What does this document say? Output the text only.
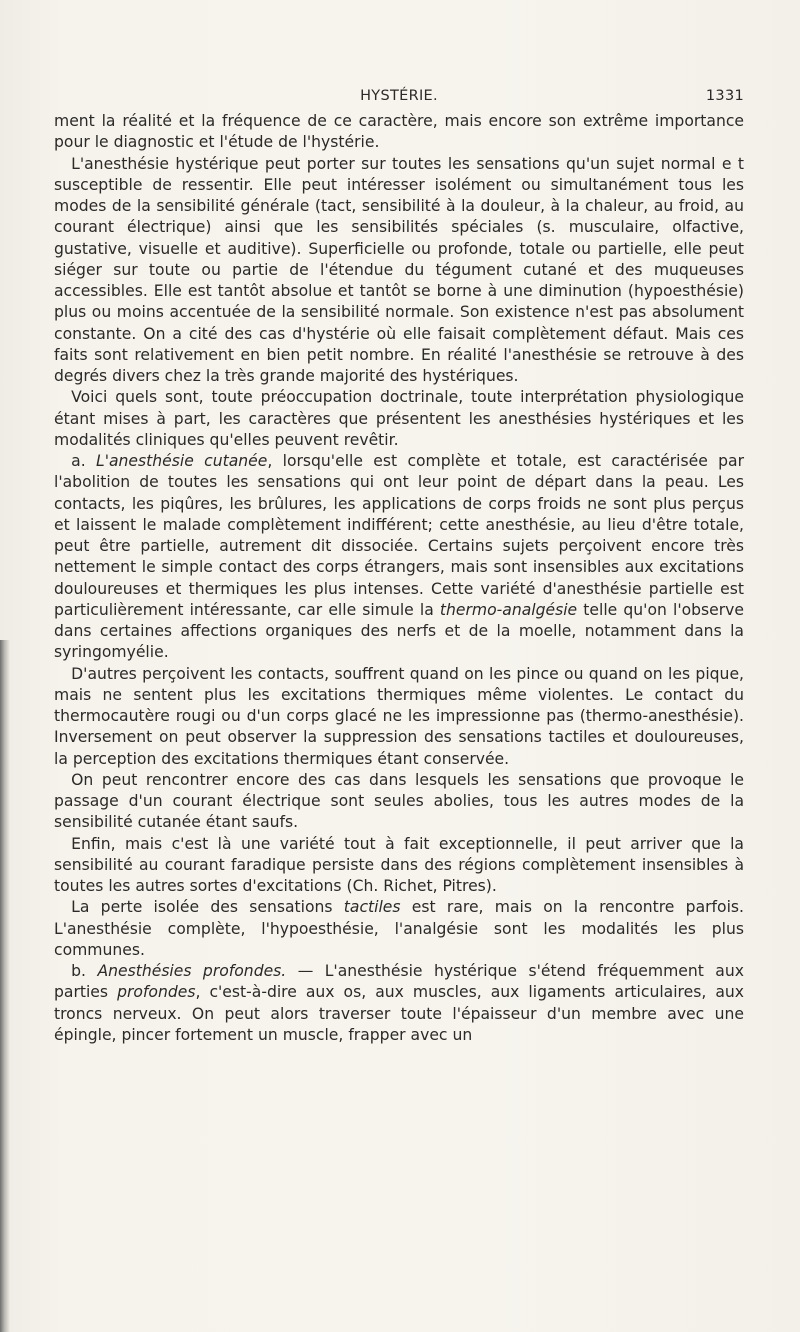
HYSTÉRIE.	1331

ment la réalité et la fréquence de ce caractère, mais encore son extrême importance pour le diagnostic et l'étude de l'hystérie.

L'anesthésie hystérique peut porter sur toutes les sensations qu'un sujet normal e t susceptible de ressentir. Elle peut intéresser isolément ou simultanément tous les modes de la sensibilité générale (tact, sensibilité à la douleur, à la chaleur, au froid, au courant électrique) ainsi que les sensibilités spéciales (s. musculaire, olfactive, gustative, visuelle et auditive). Superficielle ou profonde, totale ou partielle, elle peut siéger sur toute ou partie de l'étendue du tégument cutané et des muqueuses accessibles. Elle est tantôt absolue et tantôt se borne à une diminution (hypoesthésie) plus ou moins accentuée de la sensibilité normale. Son existence n'est pas absolument constante. On a cité des cas d'hystérie où elle faisait complètement défaut. Mais ces faits sont relativement en bien petit nombre. En réalité l'anesthésie se retrouve à des degrés divers chez la très grande majorité des hystériques.

Voici quels sont, toute préoccupation doctrinale, toute interprétation physiologique étant mises à part, les caractères que présentent les anesthésies hystériques et les modalités cliniques qu'elles peuvent revêtir.

a. L'anesthésie cutanée, lorsqu'elle est complète et totale, est caractérisée par l'abolition de toutes les sensations qui ont leur point de départ dans la peau. Les contacts, les piqûres, les brûlures, les applications de corps froids ne sont plus perçus et laissent le malade complètement indifférent; cette anesthésie, au lieu d'être totale, peut être partielle, autrement dit dissociée. Certains sujets perçoivent encore très nettement le simple contact des corps étrangers, mais sont insensibles aux excitations douloureuses et thermiques les plus intenses. Cette variété d'anesthésie partielle est particulièrement intéressante, car elle simule la thermo-analgésie telle qu'on l'observe dans certaines affections organiques des nerfs et de la moelle, notamment dans la syringomyélie.

D'autres perçoivent les contacts, souffrent quand on les pince ou quand on les pique, mais ne sentent plus les excitations thermiques même violentes. Le contact du thermocautère rougi ou d'un corps glacé ne les impressionne pas (thermo-anesthésie). Inversement on peut observer la suppression des sensations tactiles et douloureuses, la perception des excitations thermiques étant conservée.

On peut rencontrer encore des cas dans lesquels les sensations que provoque le passage d'un courant électrique sont seules abolies, tous les autres modes de la sensibilité cutanée étant saufs.

Enfin, mais c'est là une variété tout à fait exceptionnelle, il peut arriver que la sensibilité au courant faradique persiste dans des régions complètement insensibles à toutes les autres sortes d'excitations (Ch. Richet, Pitres).

La perte isolée des sensations tactiles est rare, mais on la rencontre parfois. L'anesthésie complète, l'hypoesthésie, l'analgésie sont les modalités les plus communes.

b. Anesthésies profondes. — L'anesthésie hystérique s'étend fréquemment aux parties profondes, c'est-à-dire aux os, aux muscles, aux ligaments articulaires, aux troncs nerveux. On peut alors traverser toute l'épaisseur d'un membre avec une épingle, pincer fortement un muscle, frapper avec un
